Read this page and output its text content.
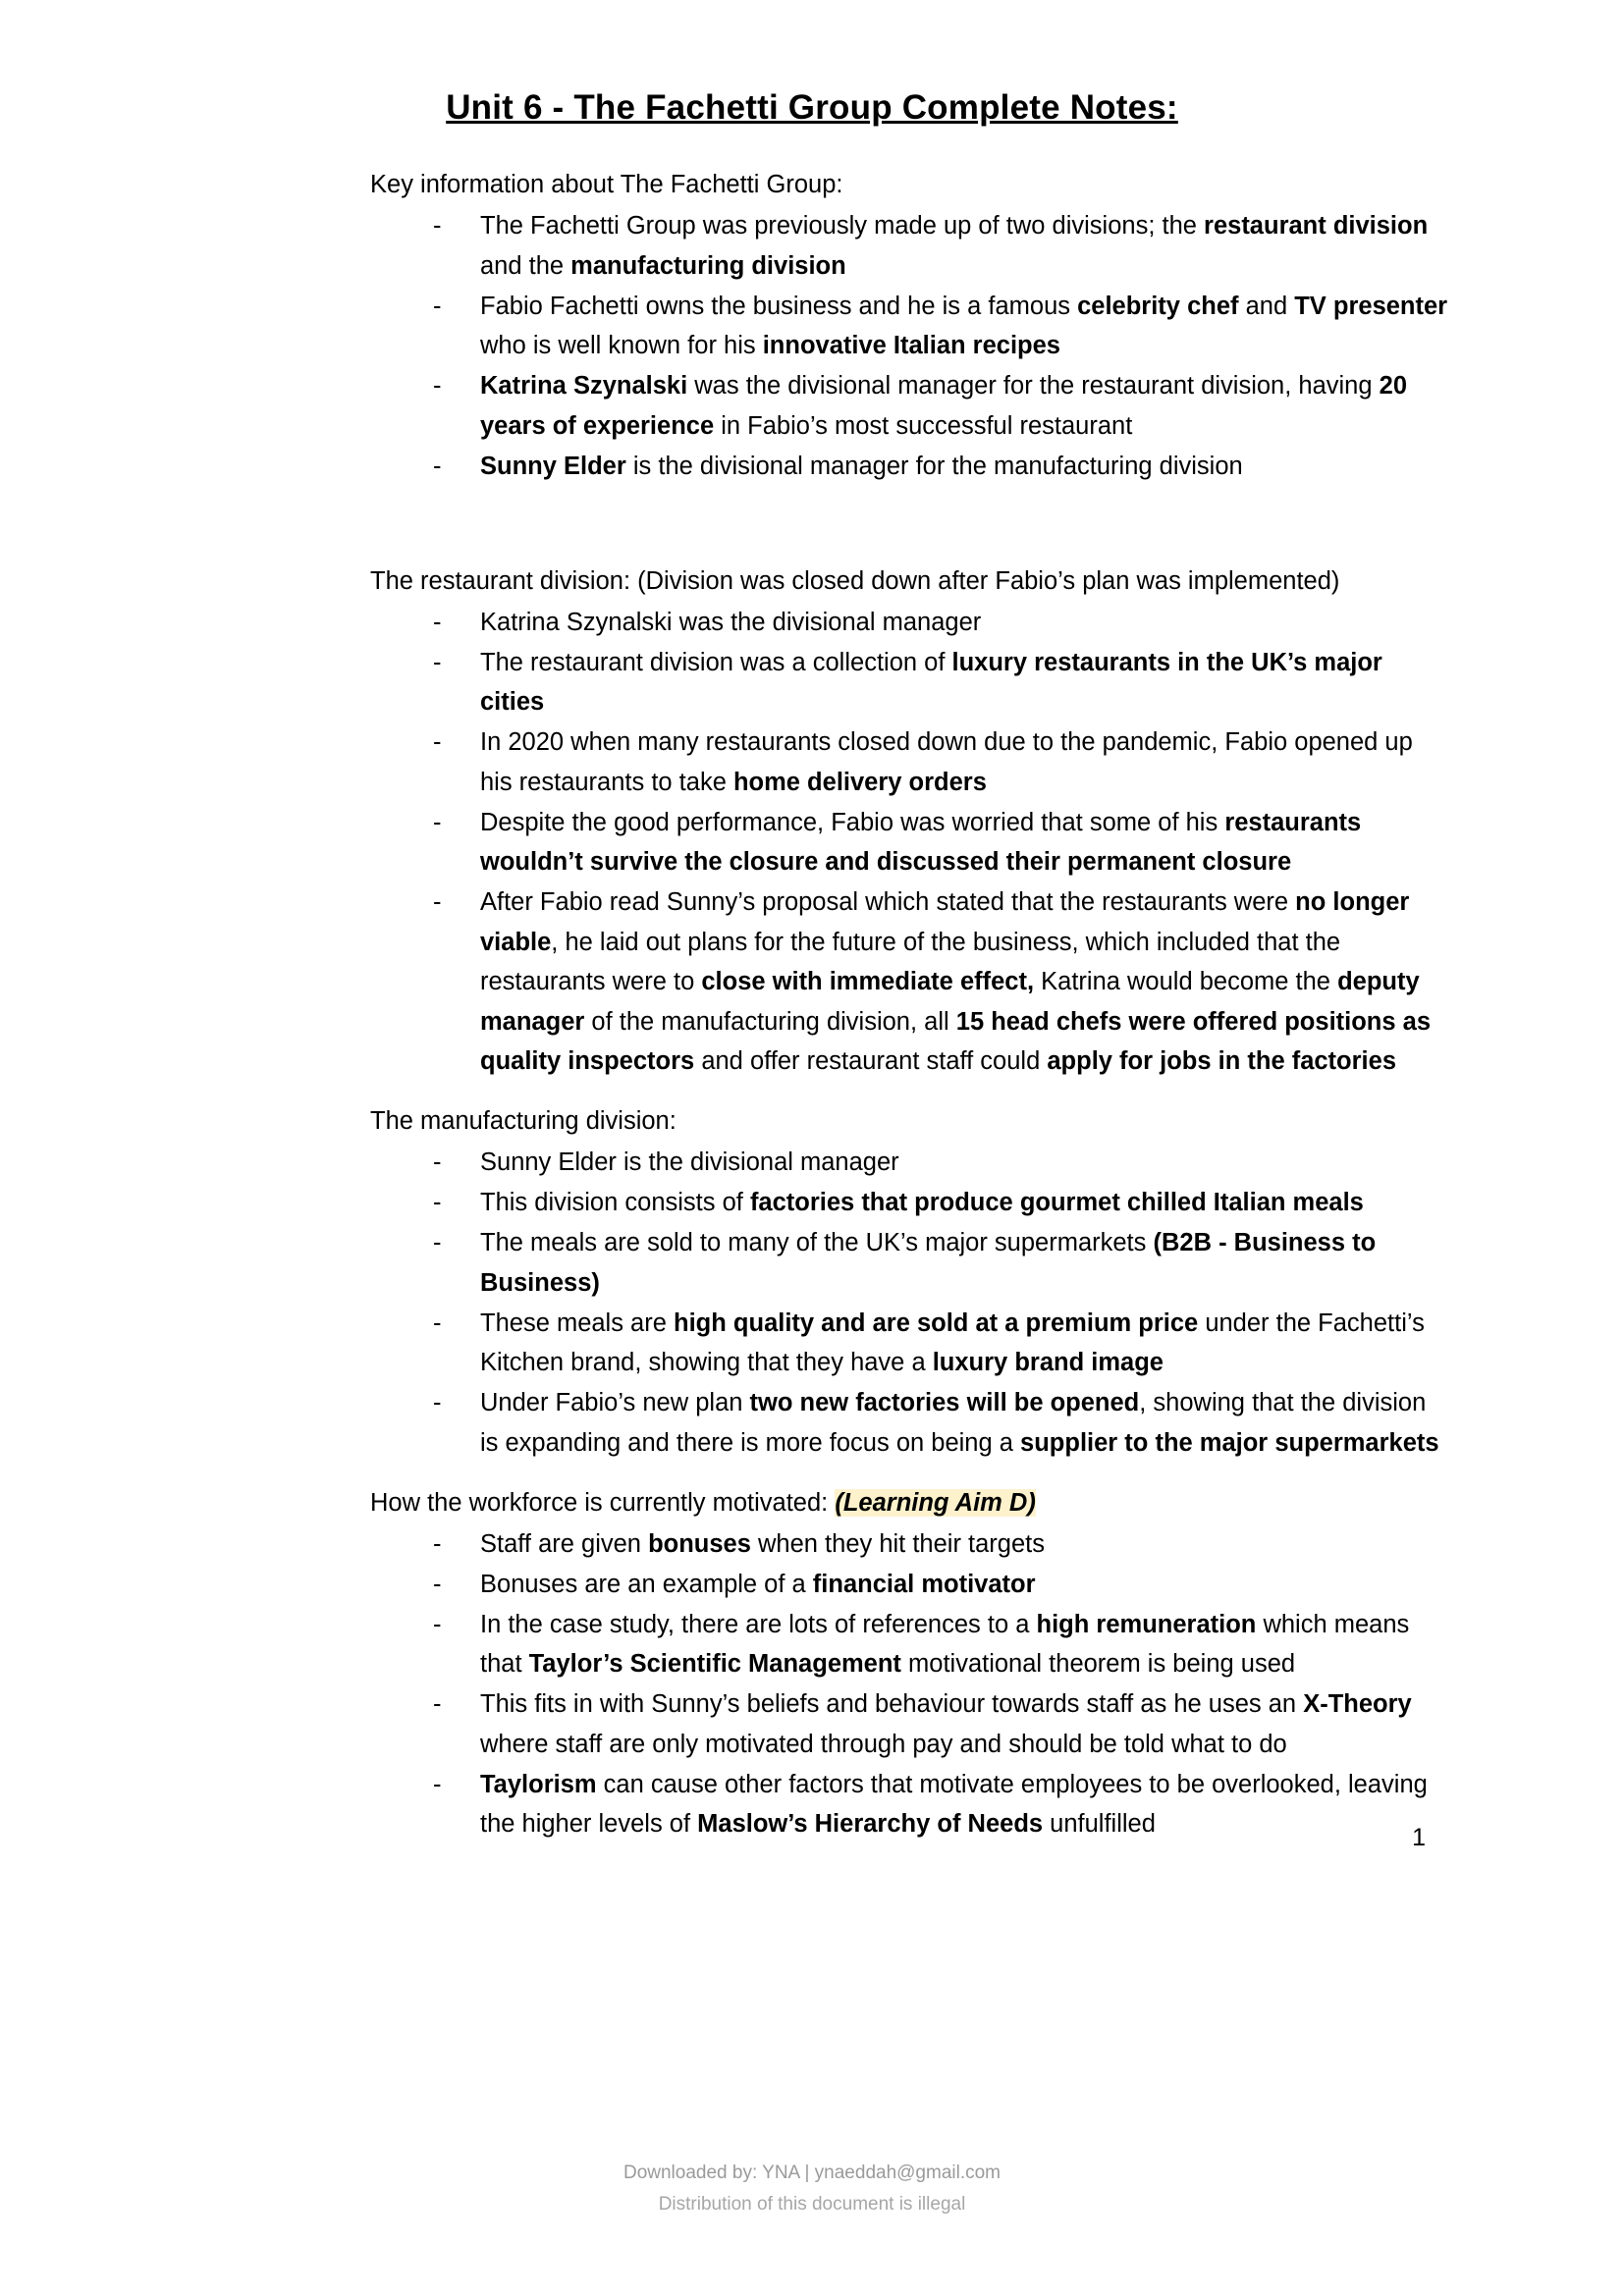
Unit 6 - The Fachetti Group Complete Notes:

Key information about The Fachetti Group:

- The Fachetti Group was previously made up of two divisions; the restaurant division and the manufacturing division
- Fabio Fachetti owns the business and he is a famous celebrity chef and TV presenter who is well known for his innovative Italian recipes
- Katrina Szynalski was the divisional manager for the restaurant division, having 20 years of experience in Fabio’s most successful restaurant
- Sunny Elder is the divisional manager for the manufacturing division

The restaurant division: (Division was closed down after Fabio’s plan was implemented)

- Katrina Szynalski was the divisional manager
- The restaurant division was a collection of luxury restaurants in the UK’s major cities
- In 2020 when many restaurants closed down due to the pandemic, Fabio opened up his restaurants to take home delivery orders
- Despite the good performance, Fabio was worried that some of his restaurants wouldn’t survive the closure and discussed their permanent closure
- After Fabio read Sunny’s proposal which stated that the restaurants were no longer viable, he laid out plans for the future of the business, which included that the restaurants were to close with immediate effect, Katrina would become the deputy manager of the manufacturing division, all 15 head chefs were offered positions as quality inspectors and offer restaurant staff could apply for jobs in the factories

The manufacturing division:

- Sunny Elder is the divisional manager
- This division consists of factories that produce gourmet chilled Italian meals
- The meals are sold to many of the UK’s major supermarkets (B2B - Business to Business)
- These meals are high quality and are sold at a premium price under the Fachetti’s Kitchen brand, showing that they have a luxury brand image
- Under Fabio’s new plan two new factories will be opened, showing that the division is expanding and there is more focus on being a supplier to the major supermarkets

How the workforce is currently motivated: (Learning Aim D)

- Staff are given bonuses when they hit their targets
- Bonuses are an example of a financial motivator
- In the case study, there are lots of references to a high remuneration which means that Taylor’s Scientific Management motivational theorem is being used
- This fits in with Sunny’s beliefs and behaviour towards staff as he uses an X-Theory where staff are only motivated through pay and should be told what to do
- Taylorism can cause other factors that motivate employees to be overlooked, leaving the higher levels of Maslow’s Hierarchy of Needs unfulfilled	1
Downloaded by: YNA | ynaeddah@gmail.com
Distribution of this document is illegal
